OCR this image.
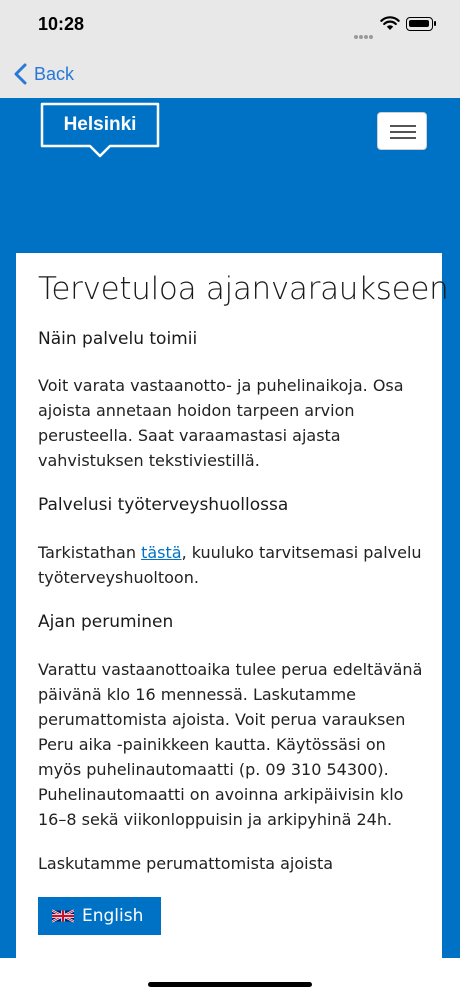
10:28
Back
Helsinki
Tervetuloa ajanvaraukseen
Näin palvelu toimii

Voit varata vastaanotto- ja puhelinaikoja. Osa ajoista annetaan hoidon tarpeen arvion perusteella. Saat varaamastasi ajasta vahvistuksen tekstiviestillä.

Palvelusi työterveyshuollossa

Tarkistathan tästä, kuuluko tarvitsemasi palvelu työterveyshuoltoon.

Ajan peruminen

Varattu vastaanottoaika tulee perua edeltävänä päivänä klo 16 mennessä. Laskutamme perumattomista ajoista. Voit perua varauksen Peru aika -painikkeen kautta. Käytössäsi on myös puhelinautomaatti (p. 09 310 54300). Puhelinautomaatti on avoinna arkipäivisin klo 16–8 sekä viikonloppuisin ja arkipyhinä 24h.

Laskutamme perumattomista ajoista

English
